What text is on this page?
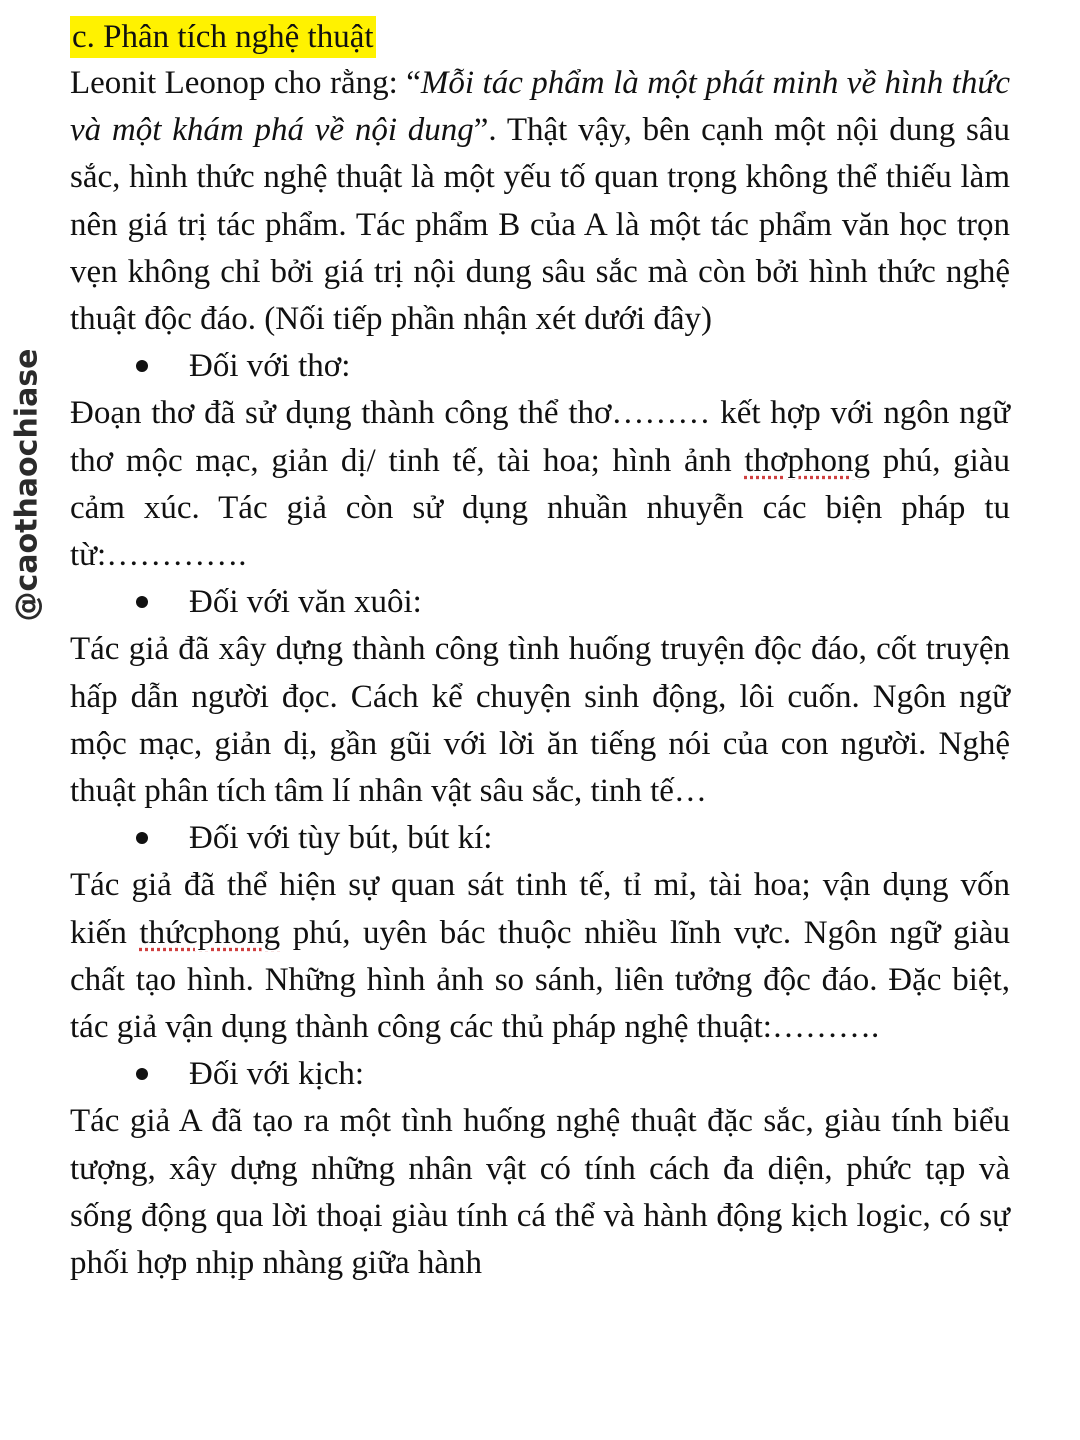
@caothaochiase
c. Phân tích nghệ thuật

Leonit Leonop cho rằng: “Mỗi tác phẩm là một phát minh về hình thức và một khám phá về nội dung”. Thật vậy, bên cạnh một nội dung sâu sắc, hình thức nghệ thuật là một yếu tố quan trọng không thể thiếu làm nên giá trị tác phẩm. Tác phẩm B của A là một tác phẩm văn học trọn vẹn không chỉ bởi giá trị nội dung sâu sắc mà còn bởi hình thức nghệ thuật độc đáo. (Nối tiếp phần nhận xét dưới đây)

Đối với thơ:

Đoạn thơ đã sử dụng thành công thể thơ……… kết hợp với ngôn ngữ thơ mộc mạc, giản dị/ tinh tế, tài hoa; hình ảnh thơphong phú, giàu cảm xúc. Tác giả còn sử dụng nhuần nhuyễn các biện pháp tu từ:………….

Đối với văn xuôi:

Tác giả đã xây dựng thành công tình huống truyện độc đáo, cốt truyện hấp dẫn người đọc. Cách kể chuyện sinh động, lôi cuốn. Ngôn ngữ mộc mạc, giản dị, gần gũi với lời ăn tiếng nói của con người. Nghệ thuật phân tích tâm lí nhân vật sâu sắc, tinh tế…

Đối với tùy bút, bút kí:

Tác giả đã thể hiện sự quan sát tinh tế, tỉ mỉ, tài hoa; vận dụng vốn kiến thứcphong phú, uyên bác thuộc nhiều lĩnh vực. Ngôn ngữ giàu chất tạo hình. Những hình ảnh so sánh, liên tưởng độc đáo. Đặc biệt, tác giả vận dụng thành công các thủ pháp nghệ thuật:……….

Đối với kịch:

Tác giả A đã tạo ra một tình huống nghệ thuật đặc sắc, giàu tính biểu tượng, xây dựng những nhân vật có tính cách đa diện, phức tạp và sống động qua lời thoại giàu tính cá thể và hành động kịch logic, có sự phối hợp nhịp nhàng giữa hành
